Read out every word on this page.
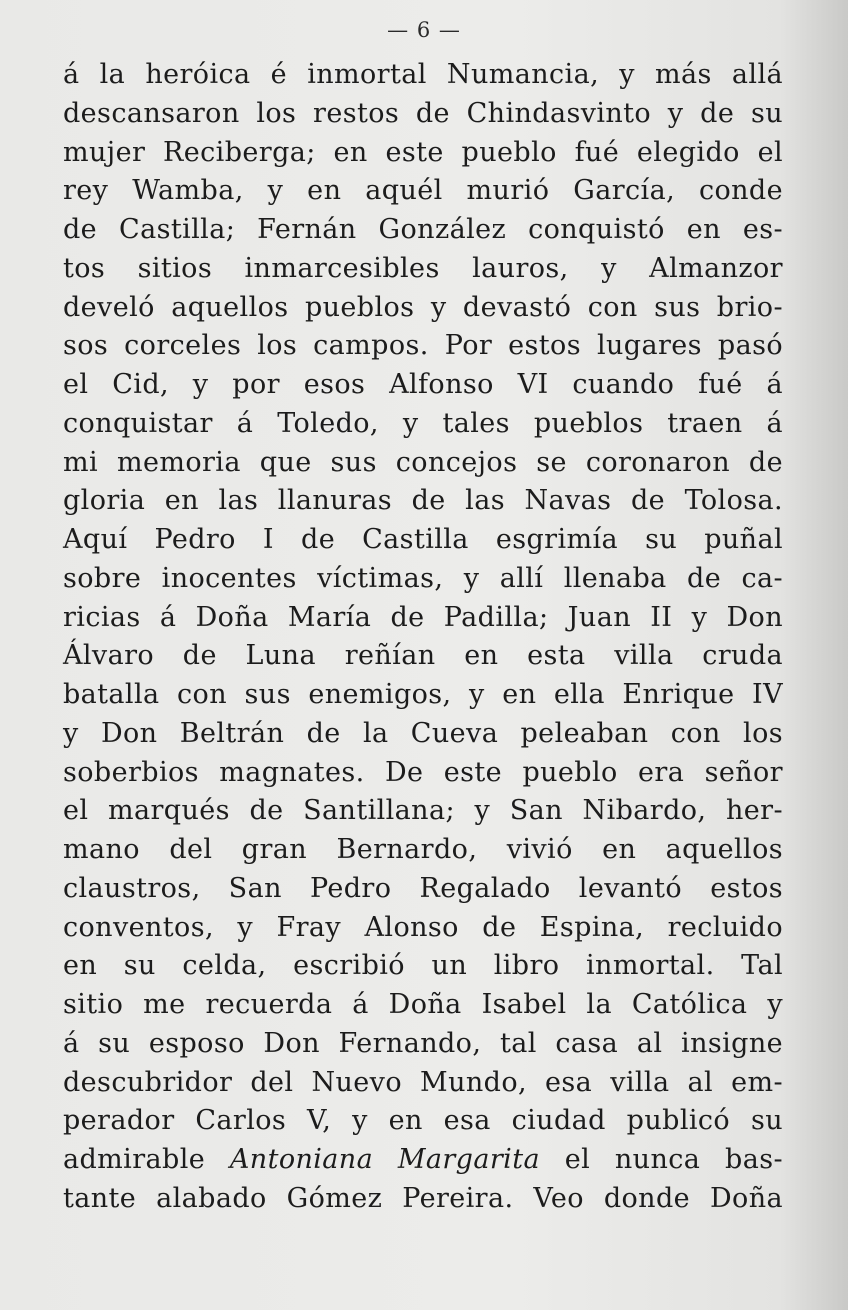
— 6 —
á la heróica é inmortal Numancia, y más allá
descansaron los restos de Chindasvinto y de su
mujer Reciberga; en este pueblo fué elegido el
rey Wamba, y en aquél murió García, conde
de Castilla; Fernán González conquistó en es-
tos sitios inmarcesibles lauros, y Almanzor
develó aquellos pueblos y devastó con sus brio-
sos corceles los campos. Por estos lugares pasó
el Cid, y por esos Alfonso VI cuando fué á
conquistar á Toledo, y tales pueblos traen á
mi memoria que sus concejos se coronaron de
gloria en las llanuras de las Navas de Tolosa.
Aquí Pedro I de Castilla esgrimía su puñal
sobre inocentes víctimas, y allí llenaba de ca-
ricias á Doña María de Padilla; Juan II y Don
Álvaro de Luna reñían en esta villa cruda
batalla con sus enemigos, y en ella Enrique IV
y Don Beltrán de la Cueva peleaban con los
soberbios magnates. De este pueblo era señor
el marqués de Santillana; y San Nibardo, her-
mano del gran Bernardo, vivió en aquellos
claustros, San Pedro Regalado levantó estos
conventos, y Fray Alonso de Espina, recluido
en su celda, escribió un libro inmortal. Tal
sitio me recuerda á Doña Isabel la Católica y
á su esposo Don Fernando, tal casa al insigne
descubridor del Nuevo Mundo, esa villa al em-
perador Carlos V, y en esa ciudad publicó su
admirable Antoniana Margarita el nunca bas-
tante alabado Gómez Pereira. Veo donde Doña
